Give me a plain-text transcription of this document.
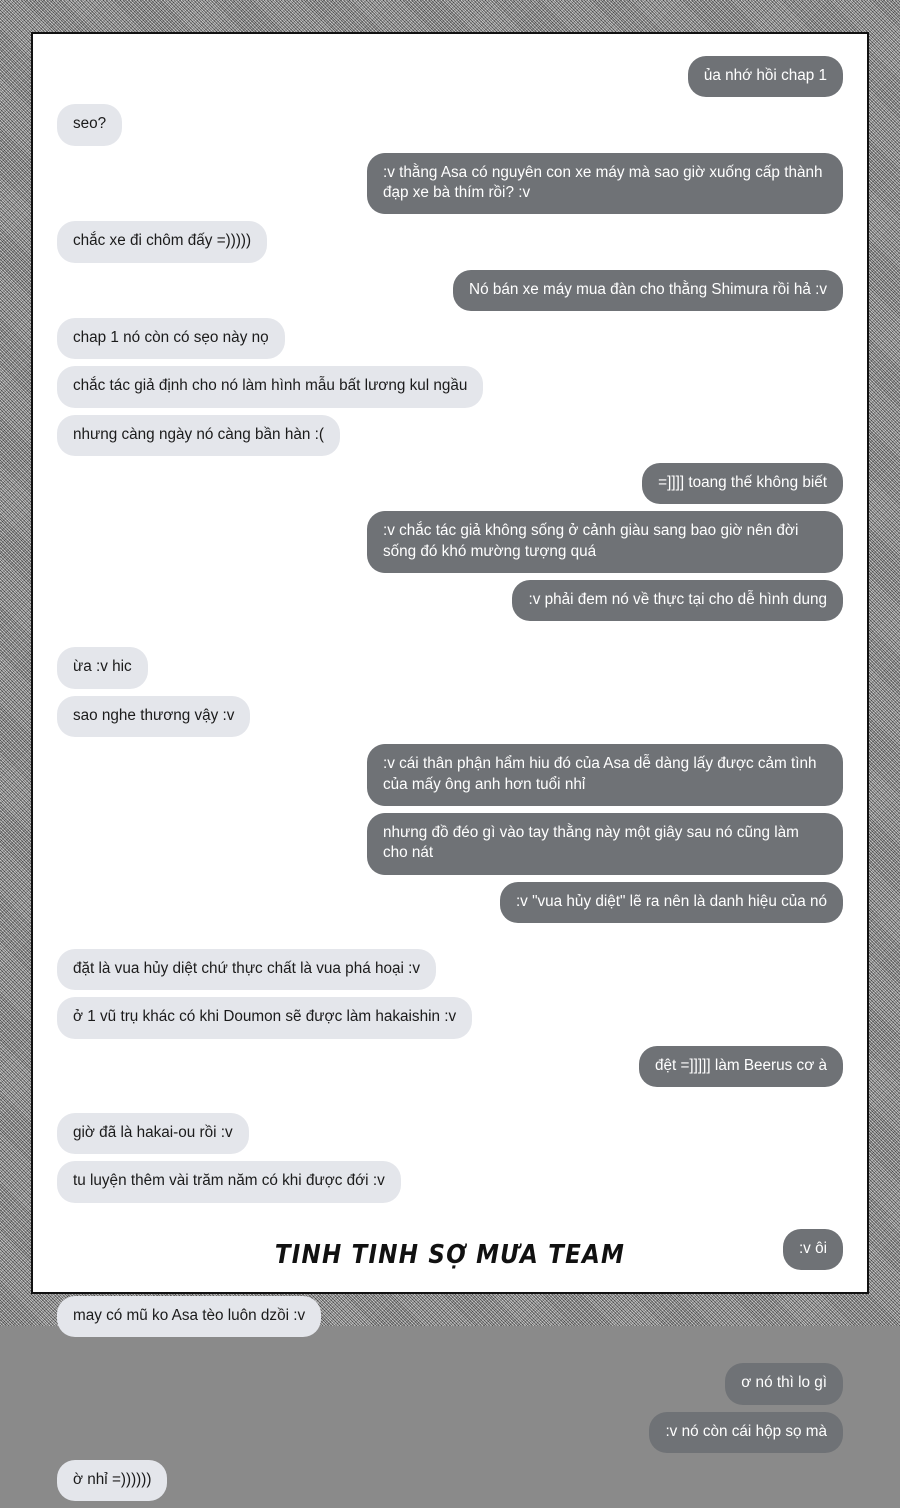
ủa nhớ hồi chap 1
seo?
:v thằng Asa có nguyên con xe máy mà sao giờ xuống cấp thành đạp xe bà thím rồi? :v
chắc xe đi chôm đấy =)))))
Nó bán xe máy mua đàn cho thằng Shimura rồi hả :v
chap 1 nó còn có sẹo này nọ
chắc tác giả định cho nó làm hình mẫu bất lương kul ngầu
nhưng càng ngày nó càng bần hàn :(
=]]]] toang thế không biết
:v chắc tác giả không sống ở cảnh giàu sang bao giờ nên đời sống đó khó mường tượng quá
:v phải đem nó về thực tại cho dễ hình dung
ừa :v hic
sao nghe thương vậy :v
:v cái thân phận hẩm hiu đó của Asa dễ dàng lấy được cảm tình của mấy ông anh hơn tuổi nhỉ
nhưng đồ đéo gì vào tay thằng này một giây sau nó cũng làm cho nát
:v "vua hủy diệt" lẽ ra nên là danh hiệu của nó
đặt là vua hủy diệt chứ thực chất là vua phá hoại :v
ở 1 vũ trụ khác có khi Doumon sẽ được làm hakaishin :v
đệt =]]]]] làm Beerus cơ à
giờ đã là hakai-ou rồi :v
tu luyện thêm vài trăm năm có khi được đới :v
:v ôi
may có mũ ko Asa tèo luôn dzồi :v
ơ nó thì lo gì
:v nó còn cái hộp sọ mà
ờ nhỉ =))))))
TINH TINH SỢ MƯA TEAM
